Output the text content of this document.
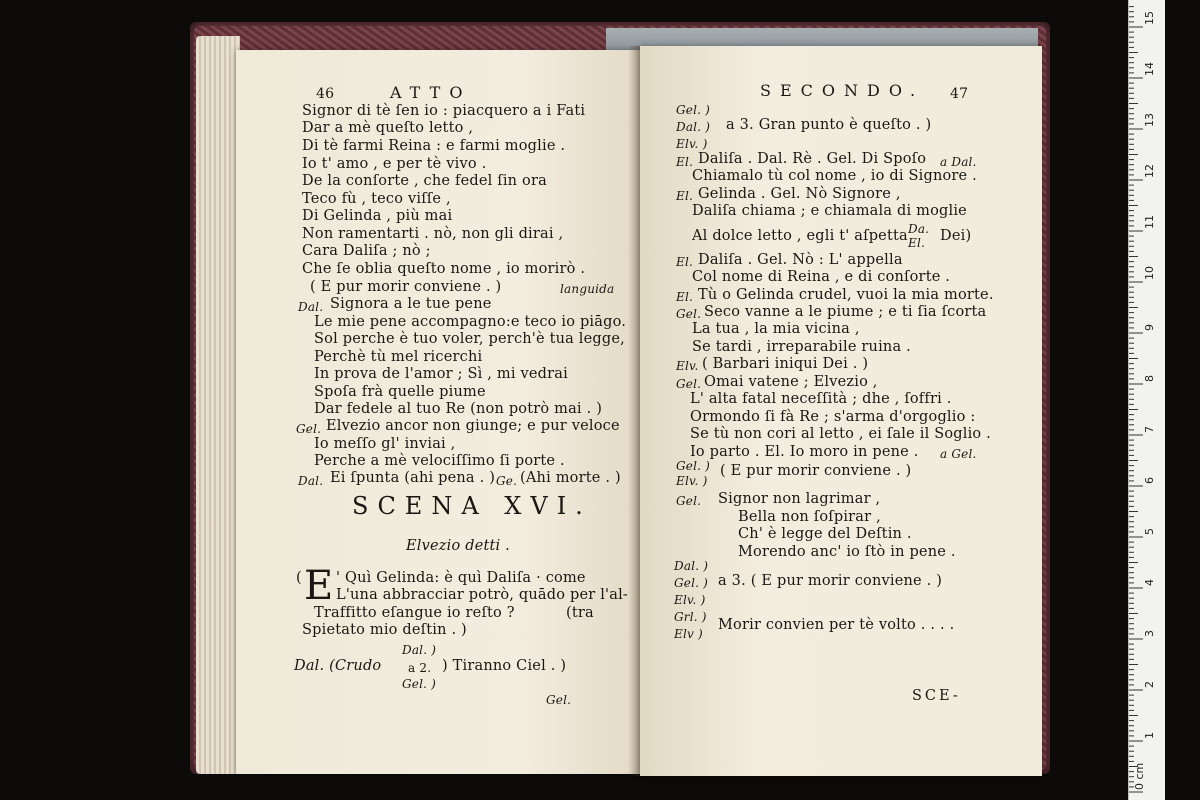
46	ATTO
Signor di tè ſen io : piacquero a i Fati
Dar a mè queſto letto ,
Di tè farmi Reina : e farmi moglie .
Io t' amo , e per tè vivo .
De la conſorte , che fedel ſin ora
Teco fù , teco viſſe ,
Di Gelinda , più mai
Non ramentarti . nò, non gli dirai ,
Cara Daliſa ; nò ;
Che ſe oblia queſto nome , io morirò .
( E pur morir conviene . )	languida
Dal. Signora a le tue pene
Le mie pene accompagno:e teco io piāgo.
Sol perche è tuo voler, perch'è tua legge,
Perchè tù mel ricerchi
In prova de l'amor ; Sì , mi vedrai
Spoſa frà quelle piume
Dar fedele al tuo Re (non potrò mai . )
Gel. Elvezio ancor non giunge; e pur veloce
Io meſſo gl' inviai ,
Perche a mè velociſſimo ſi porte .
Dal. Ei ſpunta (ahi pena . ) Ge. (Ahi morte . )
SCENA XVI.
Elvezio detti .
( E ' Quì Gelinda: è quì Daliſa · come
L'una abbracciar potrò, quādo per l'al-
Traffitto eſangue io reſto ?	(tra
Spietato mio deſtin . )
Dal. )
Dal. (Crudo a 2. ) Tiranno Ciel . )
Gel. )
Gel.
SECONDO. 47
Gel. )
Dal. ) a 3. Gran punto è queſto . )
Elv. )
El. Daliſa . Dal. Rè . Gel. Di Spoſo a Dal.
Chiamalo tù col nome , io di Signore .
El. Gelinda . Gel. Nò Signore ,
Daliſa chiama ; e chiamala di moglie
Al dolce letto , egli t' aſpetta Da. El.	Dei)
El. Daliſa . Gel. Nò : L' appella
Col nome di Reina , e di conſorte .
El. Tù o Gelinda crudel, vuoi la mia morte.
Gel. Seco vanne a le piume ; e ti ſia ſcorta
La tua , la mia vicina ,
Se tardi , irreparabile ruina .
Elv. ( Barbari iniqui Dei . )
Gel. Omai vatene ; Elvezio ,
L' alta fatal neceſſità ; dhe , ſoffri .
Ormondo ſi fà Re ; s'arma d'orgoglio :
Se tù non cori al letto , ei ſale il Soglio .
Io parto . El. Io moro in pene . a Gel.
Gel. )
Elv. )
( E pur morir conviene . )
Gel. Signor non lagrimar ,
Bella non ſoſpirar ,
Ch' è legge del Deſtin .
Morendo anc' io ſtò in pene .
Dal. )
Gel. )
Elv. )
a 3. ( E pur morir conviene . )
Grl. )
Elv )
Morir convien per tè volto . . . .
SCE-
0 cm
1
2
3
4
5
6
7
8
9
10
11
12
13
14
15
